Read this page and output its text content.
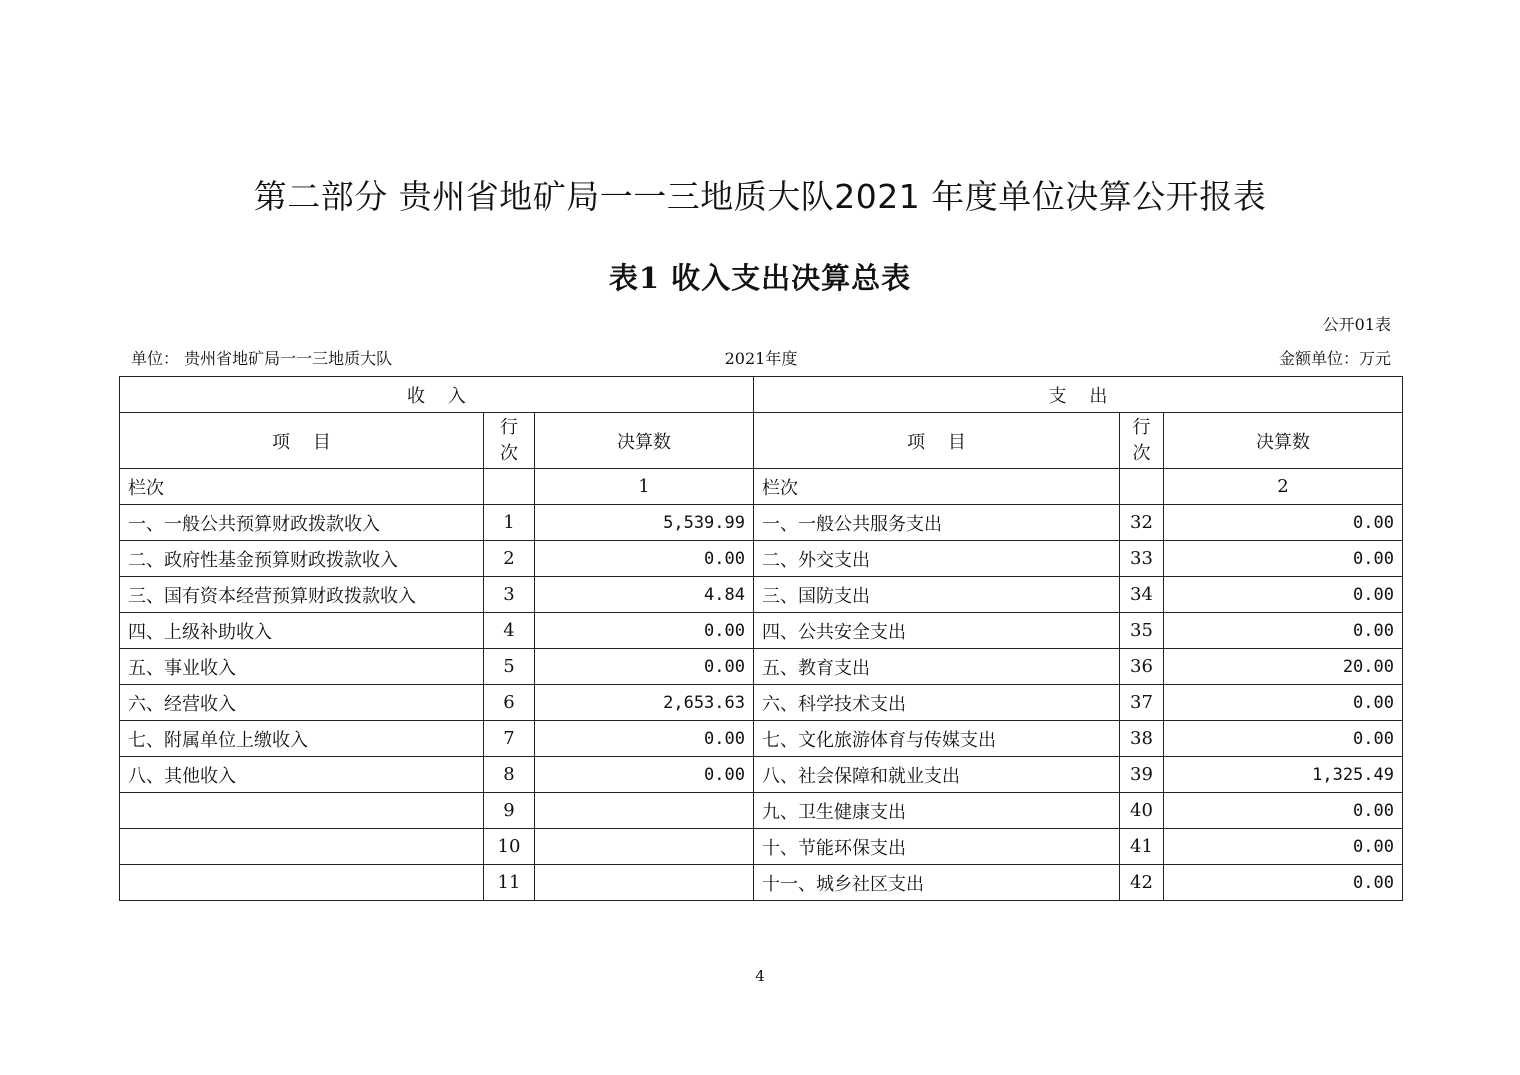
第二部分 贵州省地矿局一一三地质大队2021 年度单位决算公开报表
表1 收入支出决算总表
公开01表
单位： 贵州省地矿局一一三地质大队	2021年度	金额单位：万元
收    入			支    出		
项    目	行
次	决算数	项    目	行
次	决算数
栏次		1	栏次		2
一、一般公共预算财政拨款收入	1	5,539.99	一、一般公共服务支出	32	0.00
二、政府性基金预算财政拨款收入	2	0.00	二、外交支出	33	0.00
三、国有资本经营预算财政拨款收入	3	4.84	三、国防支出	34	0.00
四、上级补助收入	4	0.00	四、公共安全支出	35	0.00
五、事业收入	5	0.00	五、教育支出	36	20.00
六、经营收入	6	2,653.63	六、科学技术支出	37	0.00
七、附属单位上缴收入	7	0.00	七、文化旅游体育与传媒支出	38	0.00
八、其他收入	8	0.00	八、社会保障和就业支出	39	1,325.49
	9		九、卫生健康支出	40	0.00
	10		十、节能环保支出	41	0.00
	11		十一、城乡社区支出	42	0.00
4
